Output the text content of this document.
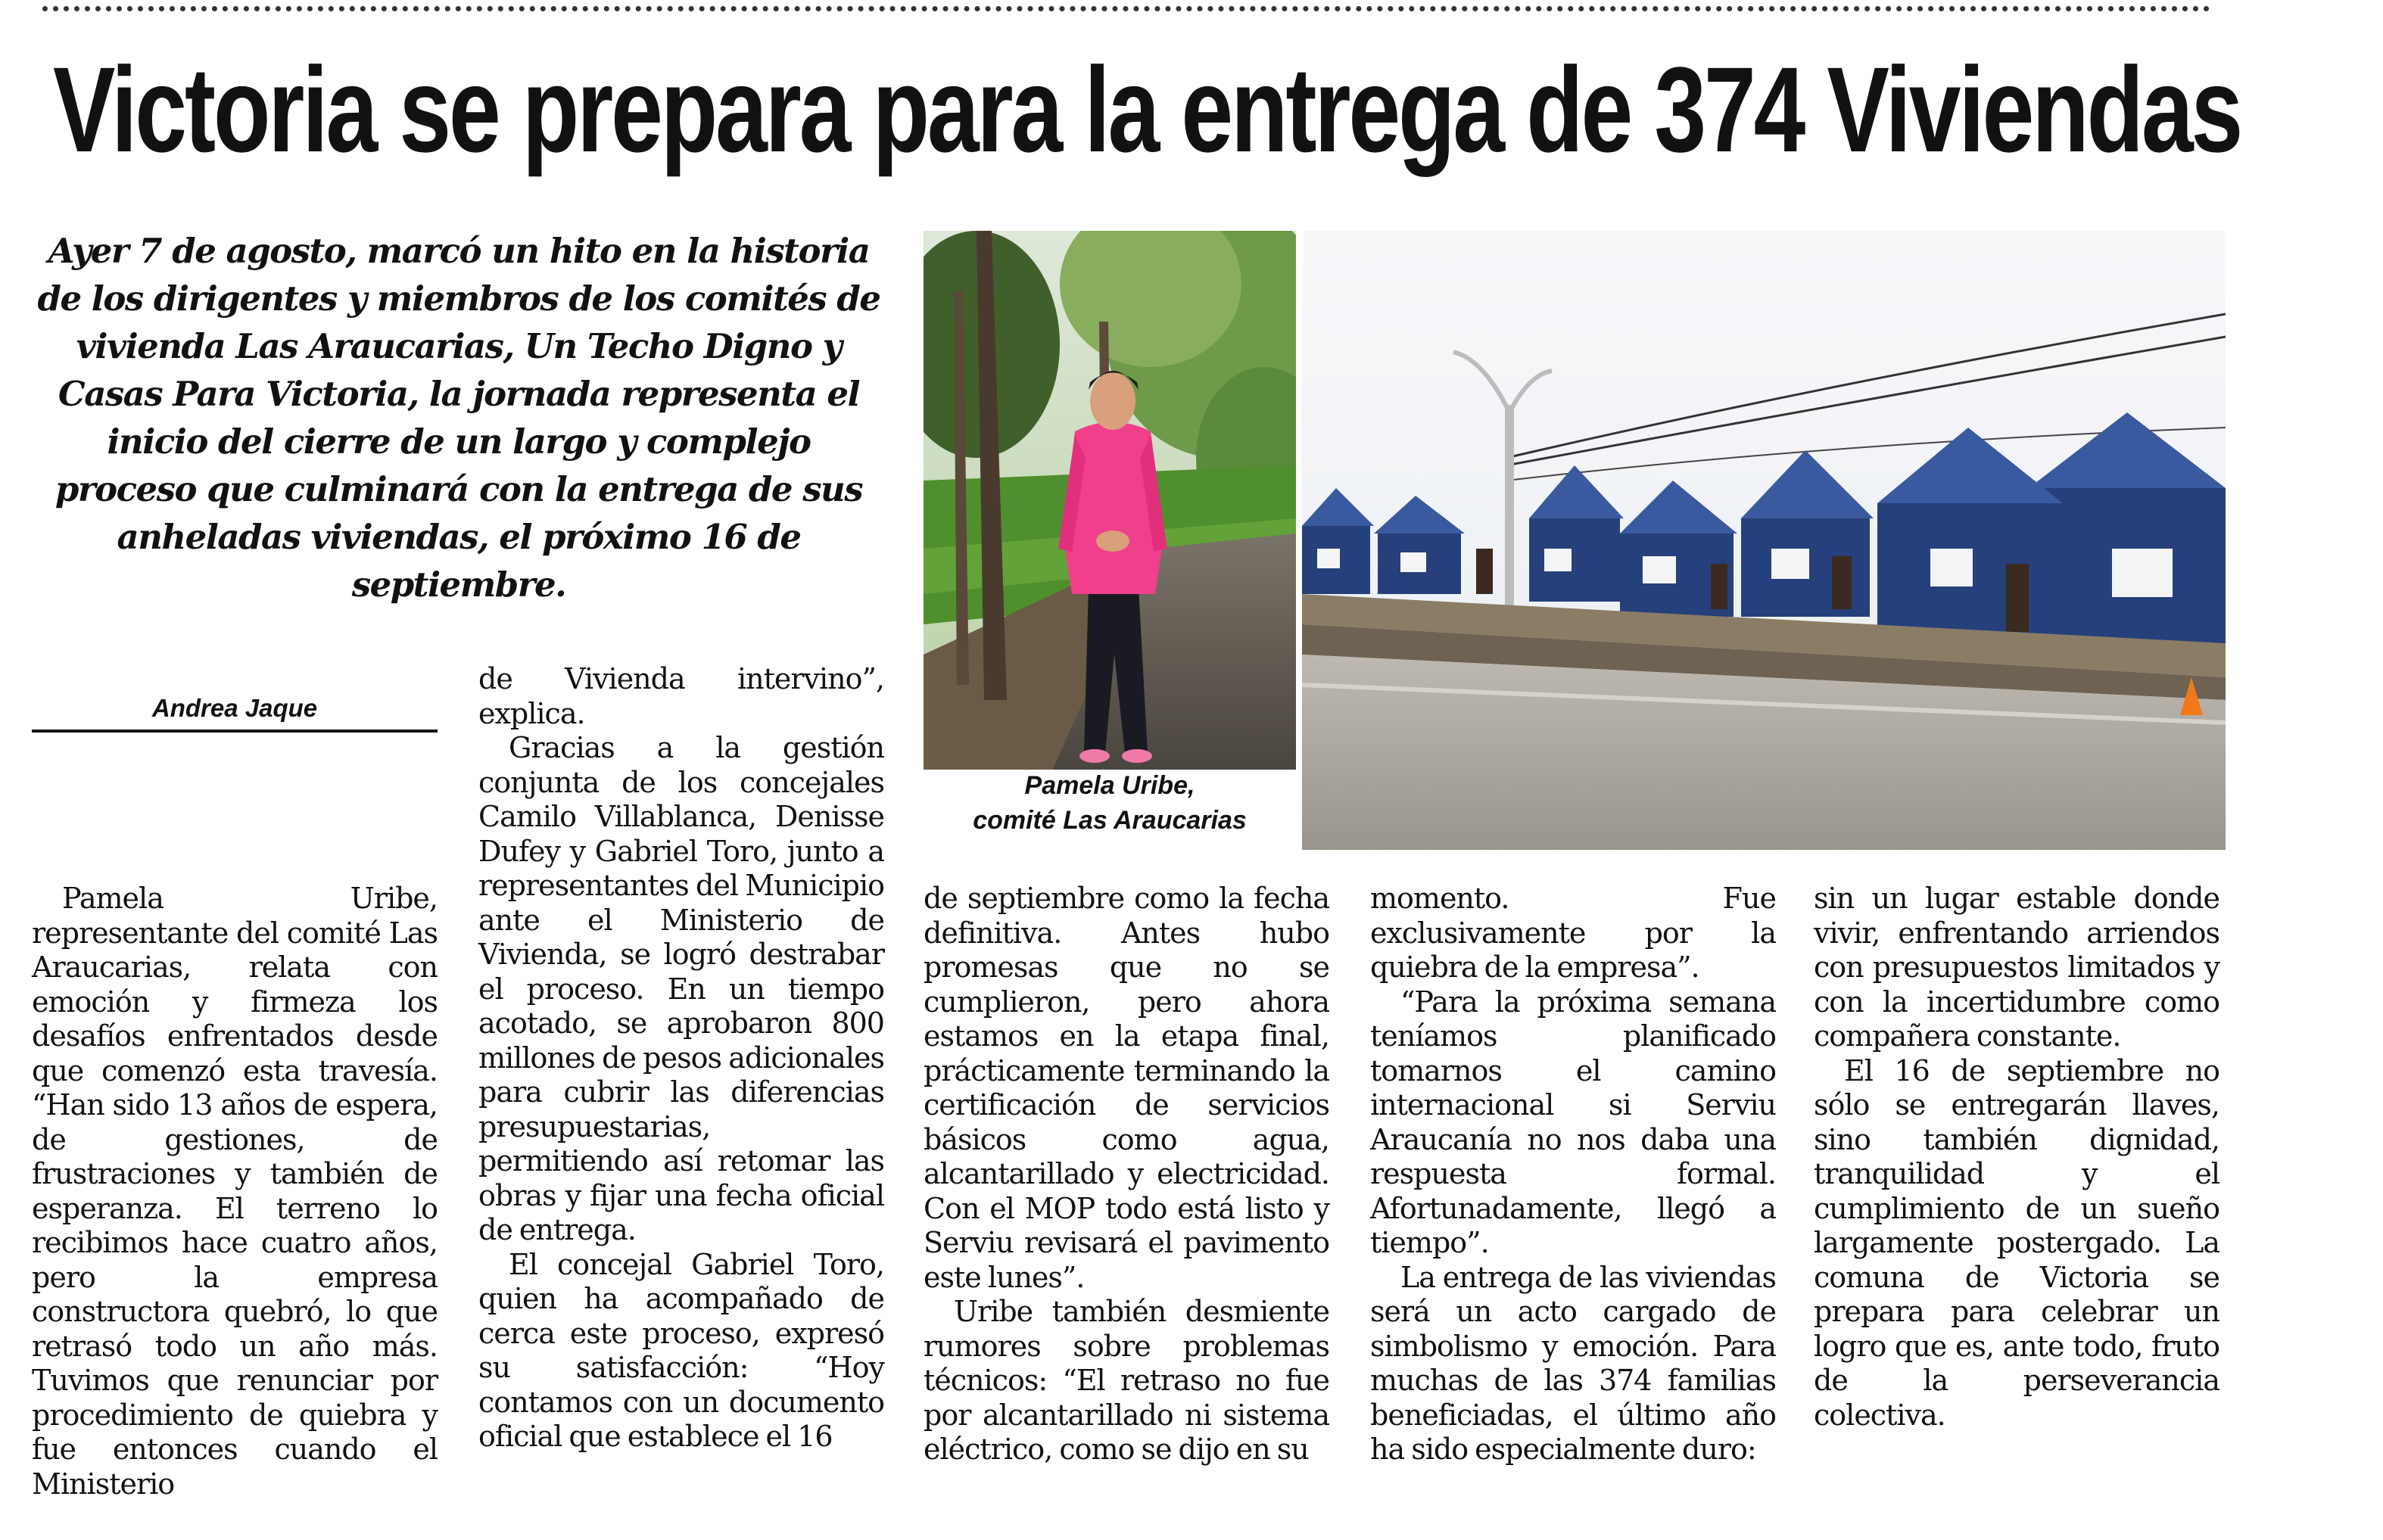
Victoria se prepara para la entrega de 374 Viviendas

Ayer 7 de agosto, marcó un hito en la historia de los dirigentes y miembros de los comités de vivienda Las Araucarias, Un Techo Digno y Casas Para Victoria, la jornada representa el inicio del cierre de un largo y complejo proceso que culminará con la entrega de sus anheladas viviendas, el próximo 16 de septiembre.

Andrea Jaque

Pamela Uribe, representante del comité Las Araucarias, relata con emoción y firmeza los desafíos enfrentados desde que comenzó esta travesía. “Han sido 13 años de espera, de gestiones, de frustraciones y también de esperanza. El terreno lo recibimos hace cuatro años, pero la empresa constructora quebró, lo que retrasó todo un año más. Tuvimos que renunciar por procedimiento de quiebra y fue entonces cuando el Ministerio
de Vivienda intervino”, explica.
Gracias a la gestión conjunta de los concejales Camilo Villablanca, Denisse Dufey y Gabriel Toro, junto a representantes del Municipio ante el Ministerio de Vivienda, se logró destrabar el proceso. En un tiempo acotado, se aprobaron 800 millones de pesos adicionales para cubrir las diferencias presupuestarias, permitiendo así retomar las obras y fijar una fecha oficial de entrega.
El concejal Gabriel Toro, quien ha acompañado de cerca este proceso, expresó su satisfacción: “Hoy contamos con un documento oficial que establece el 16
de septiembre como la fecha definitiva. Antes hubo promesas que no se cumplieron, pero ahora estamos en la etapa final, prácticamente terminando la certificación de servicios básicos como agua, alcantarillado y electricidad. Con el MOP todo está listo y Serviu revisará el pavimento este lunes”.
Uribe también desmiente rumores sobre problemas técnicos: “El retraso no fue por alcantarillado ni sistema eléctrico, como se dijo en su
momento. Fue exclusivamente por la quiebra de la empresa”.
“Para la próxima semana teníamos planificado tomarnos el camino internacional si Serviu Araucanía no nos daba una respuesta formal. Afortunadamente, llegó a tiempo”.
La entrega de las viviendas será un acto cargado de simbolismo y emoción. Para muchas de las 374 familias beneficiadas, el último año ha sido especialmente duro:
sin un lugar estable donde vivir, enfrentando arriendos con presupuestos limitados y con la incertidumbre como compañera constante.
El 16 de septiembre no sólo se entregarán llaves, sino también dignidad, tranquilidad y el cumplimiento de un sueño largamente postergado. La comuna de Victoria se prepara para celebrar un logro que es, ante todo, fruto de la perseverancia colectiva.

Pamela Uribe,
comité Las Araucarias
